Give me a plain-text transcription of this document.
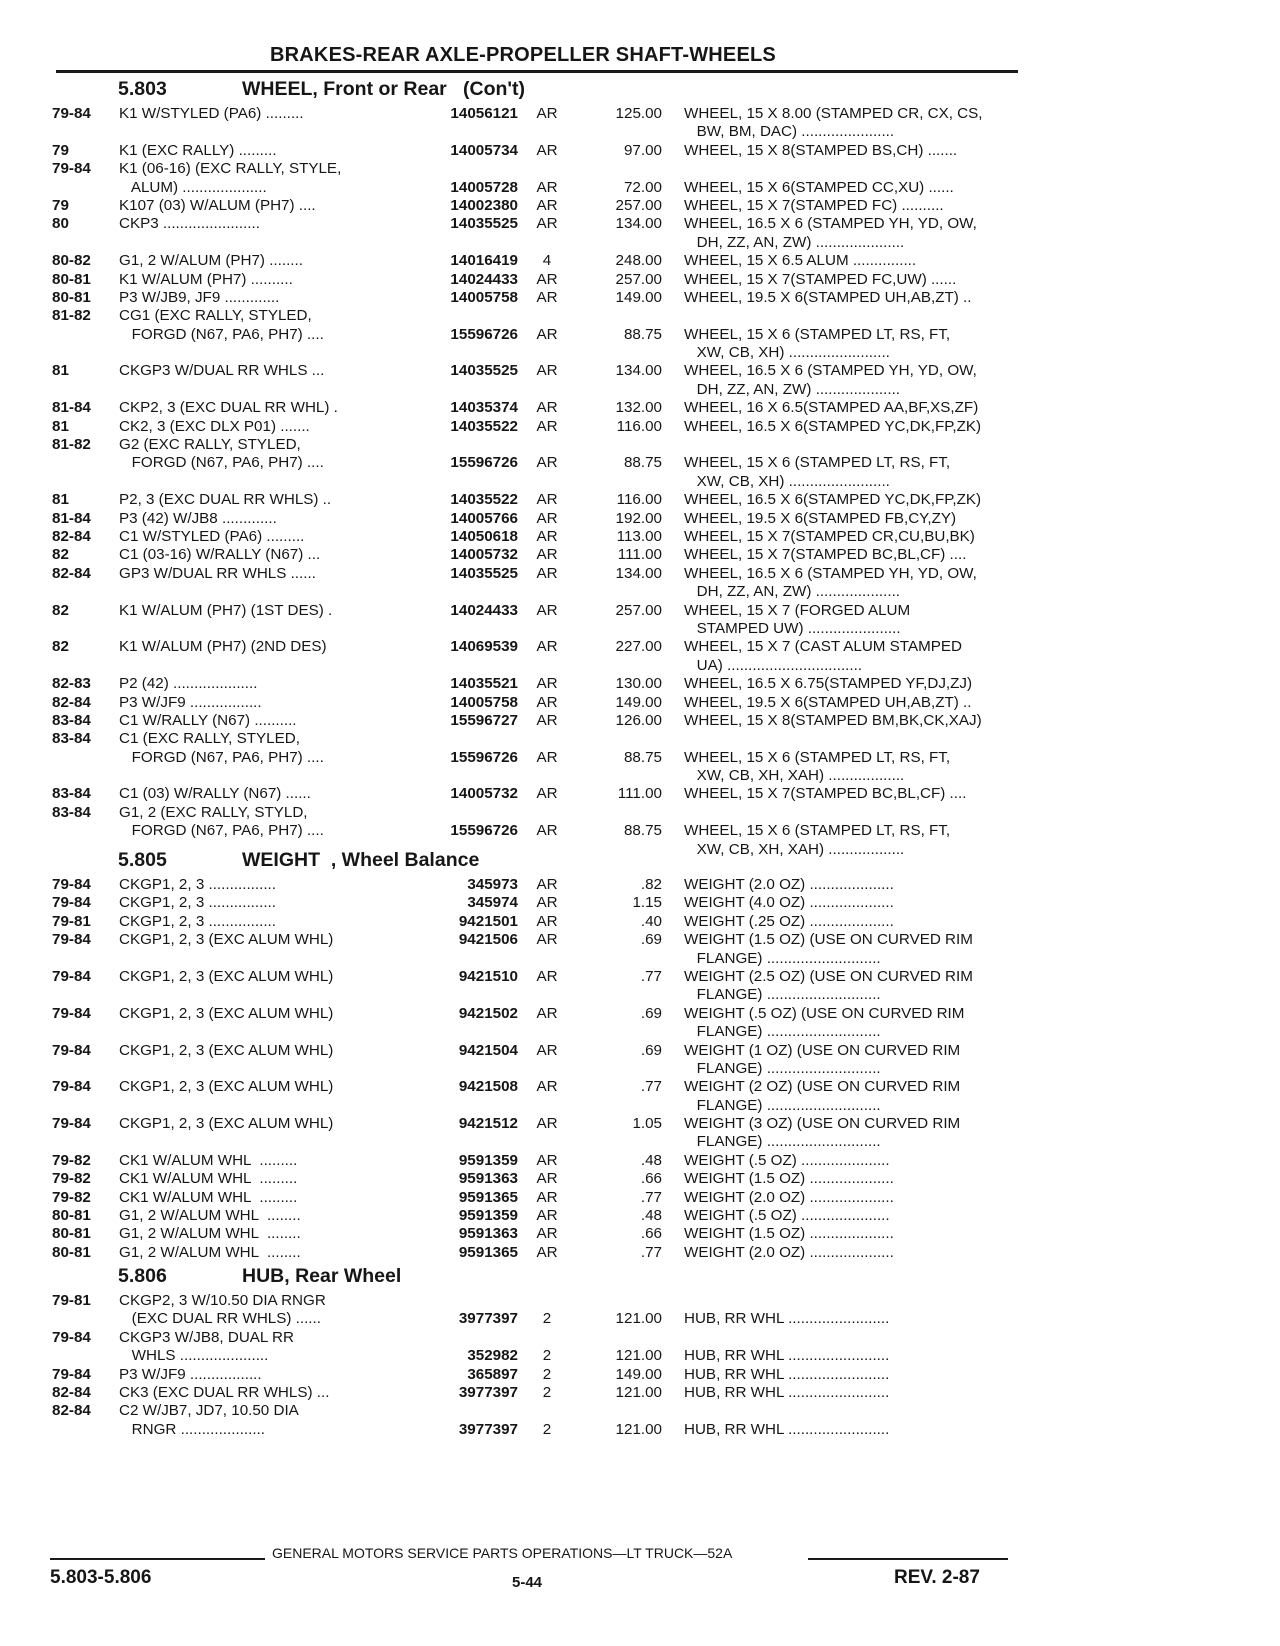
BRAKES-REAR AXLE-PROPELLER SHAFT-WHEELS
5.803	WHEEL, Front or Rear   (Con't)
79-84 K1 W/STYLED (PA6) .........	14056121	AR	125.00 WHEEL, 15 X 8.00 (STAMPED CR, CX, CS,
BW, BM, DAC) ......................
79	K1 (EXC RALLY) .........	14005734	AR	97.00 WHEEL, 15 X 8(STAMPED BS,CH) .......
79-84 K1 (06-16) (EXC RALLY, STYLE,
ALUM) ....................	14005728	AR	72.00 WHEEL, 15 X 6(STAMPED CC,XU) ......
79	K107 (03) W/ALUM (PH7) ....	14002380	AR	257.00 WHEEL, 15 X 7(STAMPED FC) ..........
80	CKP3 .......................	14035525	AR	134.00 WHEEL, 16.5 X 6 (STAMPED YH, YD, OW,
DH, ZZ, AN, ZW) .....................
80-82 G1, 2 W/ALUM (PH7) ........	14016419	4	248.00 WHEEL, 15 X 6.5 ALUM ...............
80-81 K1 W/ALUM (PH7) ..........	14024433	AR	257.00 WHEEL, 15 X 7(STAMPED FC,UW) ......
80-81 P3 W/JB9, JF9 .............	14005758	AR	149.00 WHEEL, 19.5 X 6(STAMPED UH,AB,ZT) ..
81-82 CG1 (EXC RALLY, STYLED,
FORGD (N67, PA6, PH7) ....	15596726	AR	88.75 WHEEL, 15 X 6 (STAMPED LT, RS, FT,
XW, CB, XH) ........................
81	CKGP3 W/DUAL RR WHLS ...	14035525	AR	134.00 WHEEL, 16.5 X 6 (STAMPED YH, YD, OW,
DH, ZZ, AN, ZW) ....................
81-84 CKP2, 3 (EXC DUAL RR WHL) .	14035374	AR	132.00 WHEEL, 16 X 6.5(STAMPED AA,BF,XS,ZF)
81	CK2, 3 (EXC DLX P01) .......	14035522	AR	116.00 WHEEL, 16.5 X 6(STAMPED YC,DK,FP,ZK)
81-82 G2 (EXC RALLY, STYLED,
FORGD (N67, PA6, PH7) ....	15596726	AR	88.75 WHEEL, 15 X 6 (STAMPED LT, RS, FT,
XW, CB, XH) ........................
81	P2, 3 (EXC DUAL RR WHLS) ..	14035522	AR	116.00 WHEEL, 16.5 X 6(STAMPED YC,DK,FP,ZK)
81-84 P3 (42) W/JB8 .............	14005766	AR	192.00 WHEEL, 19.5 X 6(STAMPED FB,CY,ZY)
82-84 C1 W/STYLED (PA6) .........	14050618	AR	113.00 WHEEL, 15 X 7(STAMPED CR,CU,BU,BK)
82	C1 (03-16) W/RALLY (N67) ...	14005732	AR	111.00 WHEEL, 15 X 7(STAMPED BC,BL,CF) ....
82-84 GP3 W/DUAL RR WHLS ......	14035525	AR	134.00 WHEEL, 16.5 X 6 (STAMPED YH, YD, OW,
DH, ZZ, AN, ZW) ....................
82	K1 W/ALUM (PH7) (1ST DES) .	14024433	AR	257.00 WHEEL, 15 X 7 (FORGED ALUM
STAMPED UW) ......................
82	K1 W/ALUM (PH7) (2ND DES)	14069539	AR	227.00 WHEEL, 15 X 7 (CAST ALUM STAMPED
UA) ................................
82-83 P2 (42) ....................	14035521	AR	130.00 WHEEL, 16.5 X 6.75(STAMPED YF,DJ,ZJ)
82-84 P3 W/JF9 .................	14005758	AR	149.00 WHEEL, 19.5 X 6(STAMPED UH,AB,ZT) ..
83-84 C1 W/RALLY (N67) ..........	15596727	AR	126.00 WHEEL, 15 X 8(STAMPED BM,BK,CK,XAJ)
83-84 C1 (EXC RALLY, STYLED,
FORGD (N67, PA6, PH7) ....	15596726	AR	88.75 WHEEL, 15 X 6 (STAMPED LT, RS, FT,
XW, CB, XH, XAH) ..................
83-84 C1 (03) W/RALLY (N67) ......	14005732	AR	111.00 WHEEL, 15 X 7(STAMPED BC,BL,CF) ....
83-84 G1, 2 (EXC RALLY, STYLD,
FORGD (N67, PA6, PH7) ....	15596726	AR	88.75 WHEEL, 15 X 6 (STAMPED LT, RS, FT,
XW, CB, XH, XAH) ..................
5.805	WEIGHT  , Wheel Balance
79-84 CKGP1, 2, 3 ................	345973	AR	.82 WEIGHT (2.0 OZ) ....................
79-84 CKGP1, 2, 3 ................	345974	AR	1.15 WEIGHT (4.0 OZ) ....................
79-81 CKGP1, 2, 3 ................	9421501	AR	.40 WEIGHT (.25 OZ) ....................
79-84 CKGP1, 2, 3 (EXC ALUM WHL)	9421506	AR	.69 WEIGHT (1.5 OZ) (USE ON CURVED RIM
FLANGE) ...........................
79-84 CKGP1, 2, 3 (EXC ALUM WHL)	9421510	AR	.77 WEIGHT (2.5 OZ) (USE ON CURVED RIM
FLANGE) ...........................
79-84 CKGP1, 2, 3 (EXC ALUM WHL)	9421502	AR	.69 WEIGHT (.5 OZ) (USE ON CURVED RIM
FLANGE) ...........................
79-84 CKGP1, 2, 3 (EXC ALUM WHL)	9421504	AR	.69 WEIGHT (1 OZ) (USE ON CURVED RIM
FLANGE) ...........................
79-84 CKGP1, 2, 3 (EXC ALUM WHL)	9421508	AR	.77 WEIGHT (2 OZ) (USE ON CURVED RIM
FLANGE) ...........................
79-84 CKGP1, 2, 3 (EXC ALUM WHL)	9421512	AR	1.05 WEIGHT (3 OZ) (USE ON CURVED RIM
FLANGE) ...........................
79-82 CK1 W/ALUM WHL  .........	9591359	AR	.48 WEIGHT (.5 OZ) .....................
79-82 CK1 W/ALUM WHL  .........	9591363	AR	.66 WEIGHT (1.5 OZ) ....................
79-82 CK1 W/ALUM WHL  .........	9591365	AR	.77 WEIGHT (2.0 OZ) ....................
80-81 G1, 2 W/ALUM WHL  ........	9591359	AR	.48 WEIGHT (.5 OZ) .....................
80-81 G1, 2 W/ALUM WHL  ........	9591363	AR	.66 WEIGHT (1.5 OZ) ....................
80-81 G1, 2 W/ALUM WHL  ........	9591365	AR	.77 WEIGHT (2.0 OZ) ....................
5.806	HUB, Rear Wheel
79-81 CKGP2, 3 W/10.50 DIA RNGR
(EXC DUAL RR WHLS) ......	3977397	2	121.00 HUB, RR WHL ........................
79-84 CKGP3 W/JB8, DUAL RR
WHLS .....................	352982	2	121.00 HUB, RR WHL ........................
79-84 P3 W/JF9 .................	365897	2	149.00 HUB, RR WHL ........................
82-84 CK3 (EXC DUAL RR WHLS) ...	3977397	2	121.00 HUB, RR WHL ........................
82-84 C2 W/JB7, JD7, 10.50 DIA
RNGR ....................	3977397	2	121.00 HUB, RR WHL ........................
GENERAL MOTORS SERVICE PARTS OPERATIONS—LT TRUCK—52A
5.803-5.806	5-44	REV. 2-87
